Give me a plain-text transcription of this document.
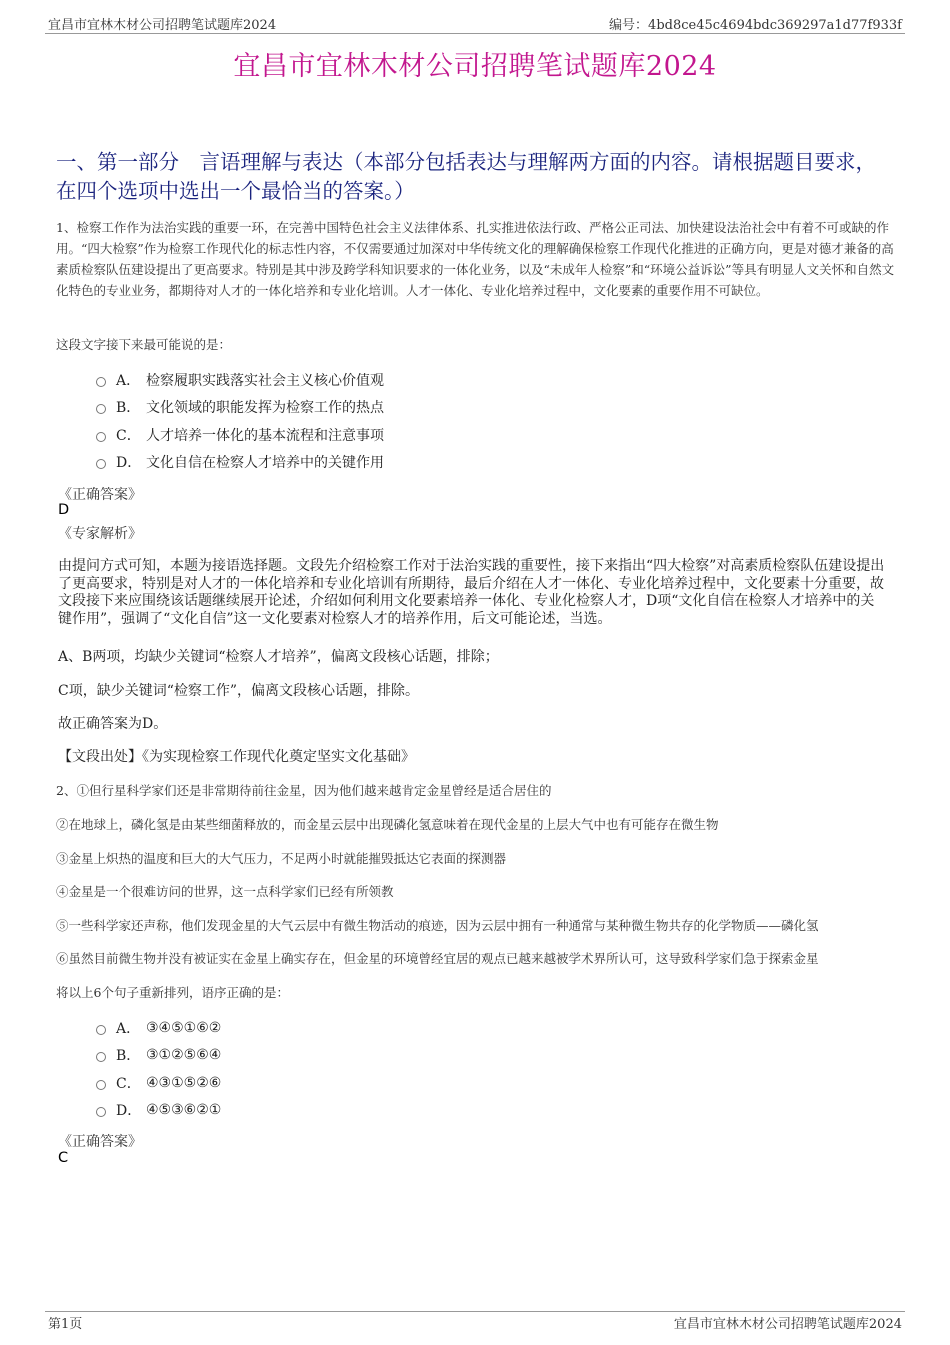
宜昌市宜林木材公司招聘笔试题库2024	编号：4bd8ce45c4694bdc369297a1d77f933f
宜昌市宜林木材公司招聘笔试题库2024
一、第一部分　言语理解与表达（本部分包括表达与理解两方面的内容。请根据题目要求，在四个选项中选出一个最恰当的答案。）
1、检察工作作为法治实践的重要一环，在完善中国特色社会主义法律体系、扎实推进依法行政、严格公正司法、加快建设法治社会中有着不可或缺的作用。“四大检察”作为检察工作现代化的标志性内容，不仅需要通过加深对中华传统文化的理解确保检察工作现代化推进的正确方向，更是对德才兼备的高素质检察队伍建设提出了更高要求。特别是其中涉及跨学科知识要求的一体化业务，以及“未成年人检察”和“环境公益诉讼”等具有明显人文关怀和自然文化特色的专业业务，都期待对人才的一体化培养和专业化培训。人才一体化、专业化培养过程中，文化要素的重要作用不可缺位。
这段文字接下来最可能说的是：
A． 检察履职实践落实社会主义核心价值观
B． 文化领域的职能发挥为检察工作的热点
C． 人才培养一体化的基本流程和注意事项
D． 文化自信在检察人才培养中的关键作用
《正确答案》
D
《专家解析》
由提问方式可知，本题为接语选择题。文段先介绍检察工作对于法治实践的重要性，接下来指出“四大检察”对高素质检察队伍建设提出了更高要求，特别是对人才的一体化培养和专业化培训有所期待，最后介绍在人才一体化、专业化培养过程中，文化要素十分重要，故文段接下来应围绕该话题继续展开论述，介绍如何利用文化要素培养一体化、专业化检察人才，D项“文化自信在检察人才培养中的关键作用”，强调了“文化自信”这一文化要素对检察人才的培养作用，后文可能论述，当选。
A、B两项，均缺少关键词“检察人才培养”，偏离文段核心话题，排除；
C项，缺少关键词“检察工作”，偏离文段核心话题，排除。
故正确答案为D。
【文段出处】《为实现检察工作现代化奠定坚实文化基础》
2、①但行星科学家们还是非常期待前往金星，因为他们越来越肯定金星曾经是适合居住的
②在地球上，磷化氢是由某些细菌释放的，而金星云层中出现磷化氢意味着在现代金星的上层大气中也有可能存在微生物
③金星上炽热的温度和巨大的大气压力，不足两小时就能摧毁抵达它表面的探测器
④金星是一个很难访问的世界，这一点科学家们已经有所领教
⑤一些科学家还声称，他们发现金星的大气云层中有微生物活动的痕迹，因为云层中拥有一种通常与某种微生物共存的化学物质——磷化氢
⑥虽然目前微生物并没有被证实在金星上确实存在，但金星的环境曾经宜居的观点已越来越被学术界所认可，这导致科学家们急于探索金星
将以上6个句子重新排列，语序正确的是：
A． ③④⑤①⑥②
B． ③①②⑤⑥④
C． ④③①⑤②⑥
D． ④⑤③⑥②①
《正确答案》
C
第1页	宜昌市宜林木材公司招聘笔试题库2024
